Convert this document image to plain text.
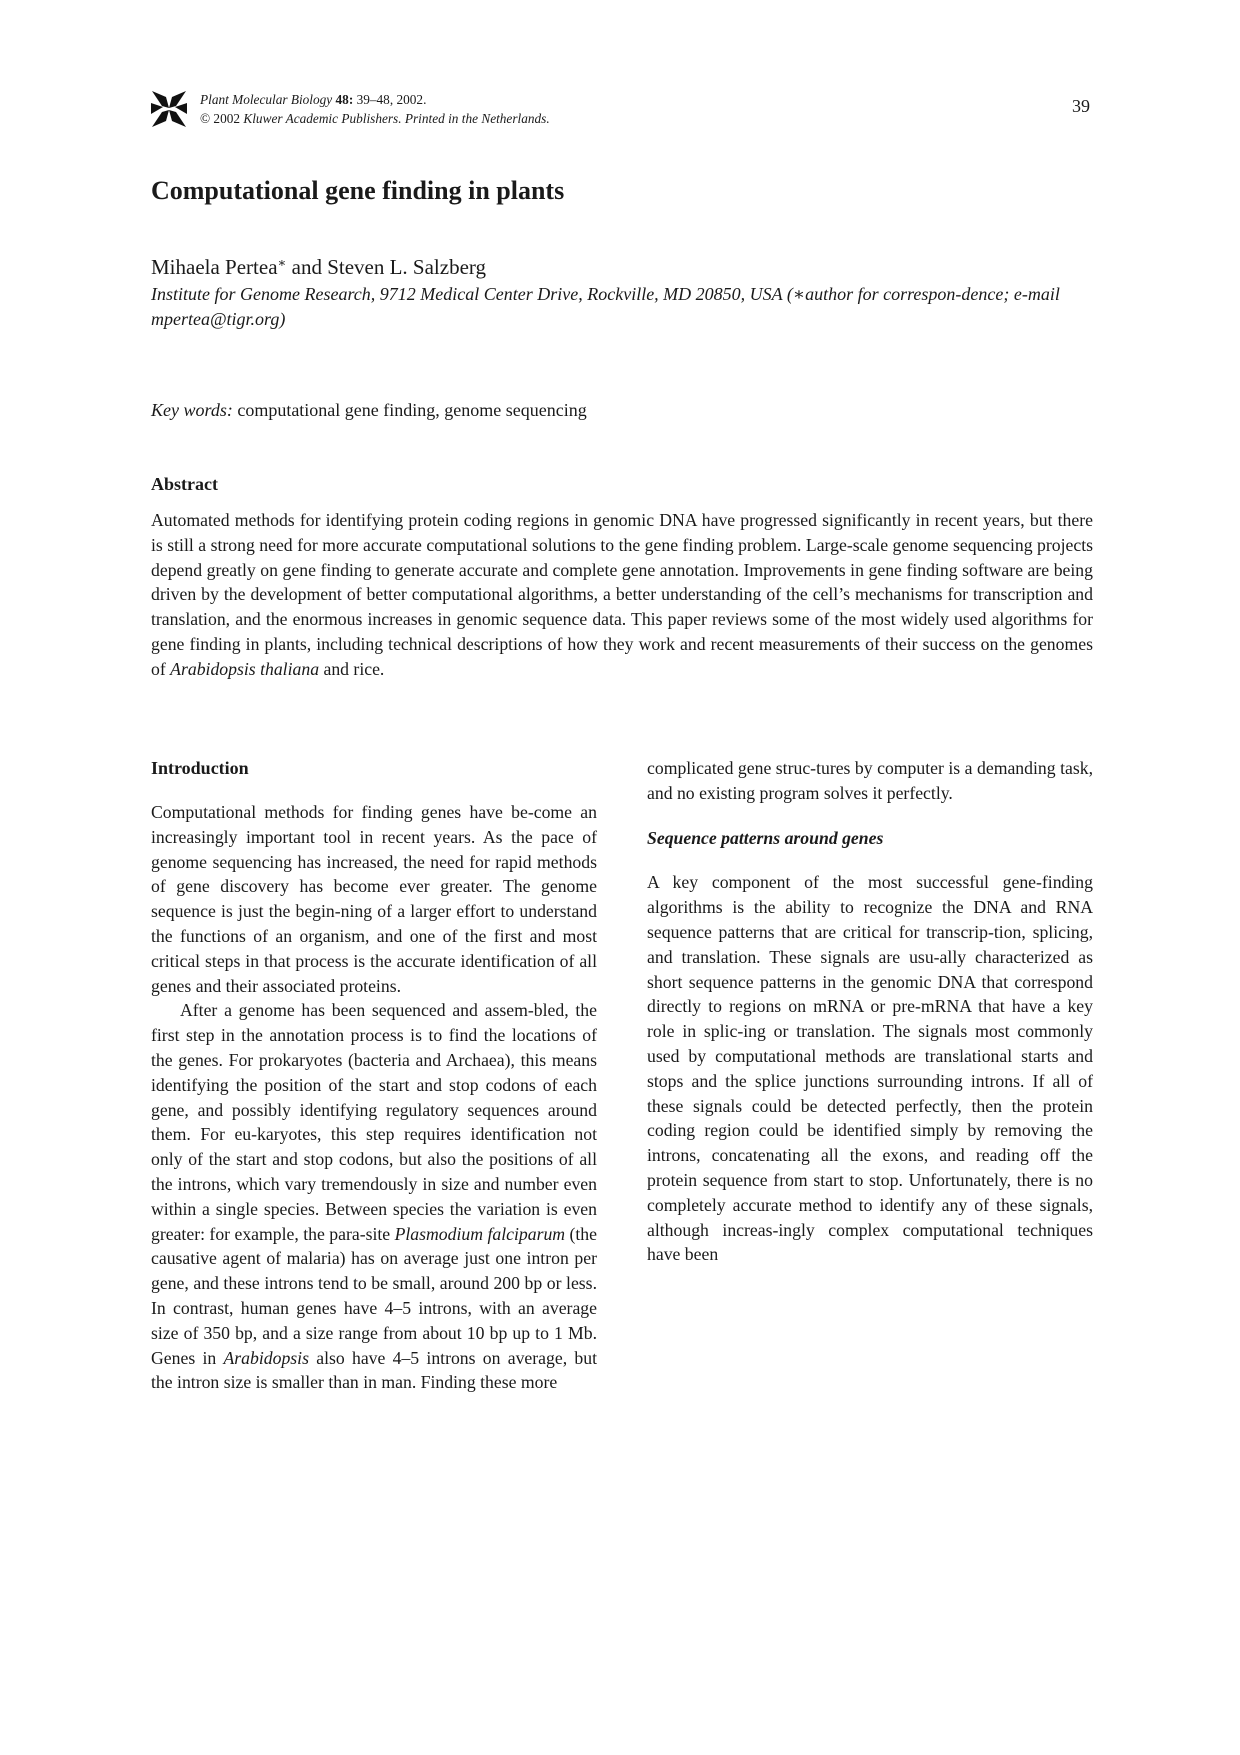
Plant Molecular Biology 48: 39–48, 2002.
© 2002 Kluwer Academic Publishers. Printed in the Netherlands.
39
Computational gene finding in plants
Mihaela Pertea∗ and Steven L. Salzberg
Institute for Genome Research, 9712 Medical Center Drive, Rockville, MD 20850, USA (∗author for correspon-dence; e-mail mpertea@tigr.org)
Key words: computational gene finding, genome sequencing
Abstract

Automated methods for identifying protein coding regions in genomic DNA have progressed significantly in recent years, but there is still a strong need for more accurate computational solutions to the gene finding problem. Large-scale genome sequencing projects depend greatly on gene finding to generate accurate and complete gene annotation. Improvements in gene finding software are being driven by the development of better computational algorithms, a better understanding of the cell’s mechanisms for transcription and translation, and the enormous increases in genomic sequence data. This paper reviews some of the most widely used algorithms for gene finding in plants, including technical descriptions of how they work and recent measurements of their success on the genomes of Arabidopsis thaliana and rice.

Introduction

Computational methods for finding genes have be-come an increasingly important tool in recent years. As the pace of genome sequencing has increased, the need for rapid methods of gene discovery has become ever greater. The genome sequence is just the begin-ning of a larger effort to understand the functions of an organism, and one of the first and most critical steps in that process is the accurate identification of all genes and their associated proteins.

After a genome has been sequenced and assem-bled, the first step in the annotation process is to find the locations of the genes. For prokaryotes (bacteria and Archaea), this means identifying the position of the start and stop codons of each gene, and possibly identifying regulatory sequences around them. For eu-karyotes, this step requires identification not only of the start and stop codons, but also the positions of all the introns, which vary tremendously in size and number even within a single species. Between species the variation is even greater: for example, the para-site Plasmodium falciparum (the causative agent of malaria) has on average just one intron per gene, and these introns tend to be small, around 200 bp or less. In contrast, human genes have 4–5 introns, with an average size of 350 bp, and a size range from about 10 bp up to 1 Mb. Genes in Arabidopsis also have 4–5 introns on average, but the intron size is smaller than in man. Finding these more

complicated gene struc-tures by computer is a demanding task, and no existing program solves it perfectly.

Sequence patterns around genes

A key component of the most successful gene-finding algorithms is the ability to recognize the DNA and RNA sequence patterns that are critical for transcrip-tion, splicing, and translation. These signals are usu-ally characterized as short sequence patterns in the genomic DNA that correspond directly to regions on mRNA or pre-mRNA that have a key role in splic-ing or translation. The signals most commonly used by computational methods are translational starts and stops and the splice junctions surrounding introns. If all of these signals could be detected perfectly, then the protein coding region could be identified simply by removing the introns, concatenating all the exons, and reading off the protein sequence from start to stop. Unfortunately, there is no completely accurate method to identify any of these signals, although increas-ingly complex computational techniques have been
